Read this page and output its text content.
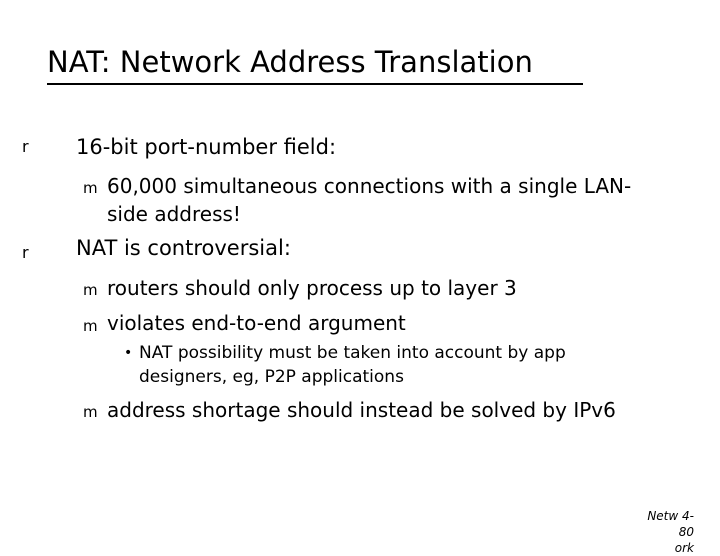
NAT: Network Address Translation
r 16-bit port-number field:
m 60,000 simultaneous connections with a single LAN-side address!
r NAT is controversial:
m routers should only process up to layer 3
m violates end-to-end argument
• NAT possibility must be taken into account by app designers, eg, P2P applications
m address shortage should instead be solved by IPv6
Netw 4-80
ork
